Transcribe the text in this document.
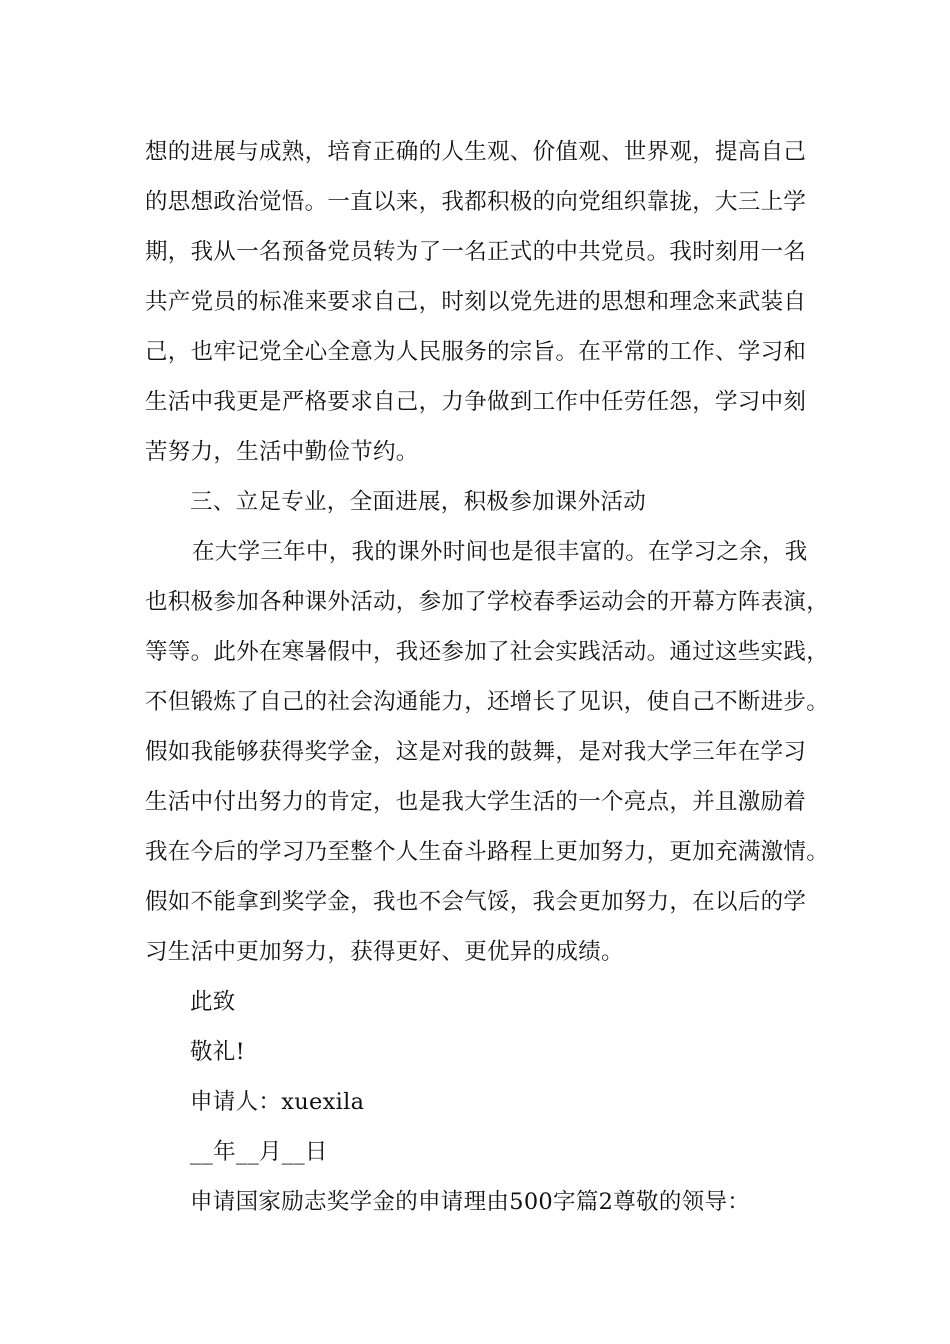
想的进展与成熟，培育正确的人生观、价值观、世界观，提高自己
的思想政治觉悟。一直以来，我都积极的向党组织靠拢，大三上学
期，我从一名预备党员转为了一名正式的中共党员。我时刻用一名
共产党员的标准来要求自己，时刻以党先进的思想和理念来武装自
己，也牢记党全心全意为人民服务的宗旨。在平常的工作、学习和
生活中我更是严格要求自己，力争做到工作中任劳任怨，学习中刻
苦努力，生活中勤俭节约。
三、立足专业，全面进展，积极参加课外活动
在大学三年中，我的课外时间也是很丰富的。在学习之余，我
也积极参加各种课外活动，参加了学校春季运动会的开幕方阵表演，
等等。此外在寒暑假中，我还参加了社会实践活动。通过这些实践，
不但锻炼了自己的社会沟通能力，还增长了见识，使自己不断进步。
假如我能够获得奖学金，这是对我的鼓舞，是对我大学三年在学习
生活中付出努力的肯定，也是我大学生活的一个亮点，并且激励着
我在今后的学习乃至整个人生奋斗路程上更加努力，更加充满激情。
假如不能拿到奖学金，我也不会气馁，我会更加努力，在以后的学
习生活中更加努力，获得更好、更优异的成绩。
此致
敬礼!
申请人：xuexila
__年__月__日
申请国家励志奖学金的申请理由500字篇2尊敬的领导：
